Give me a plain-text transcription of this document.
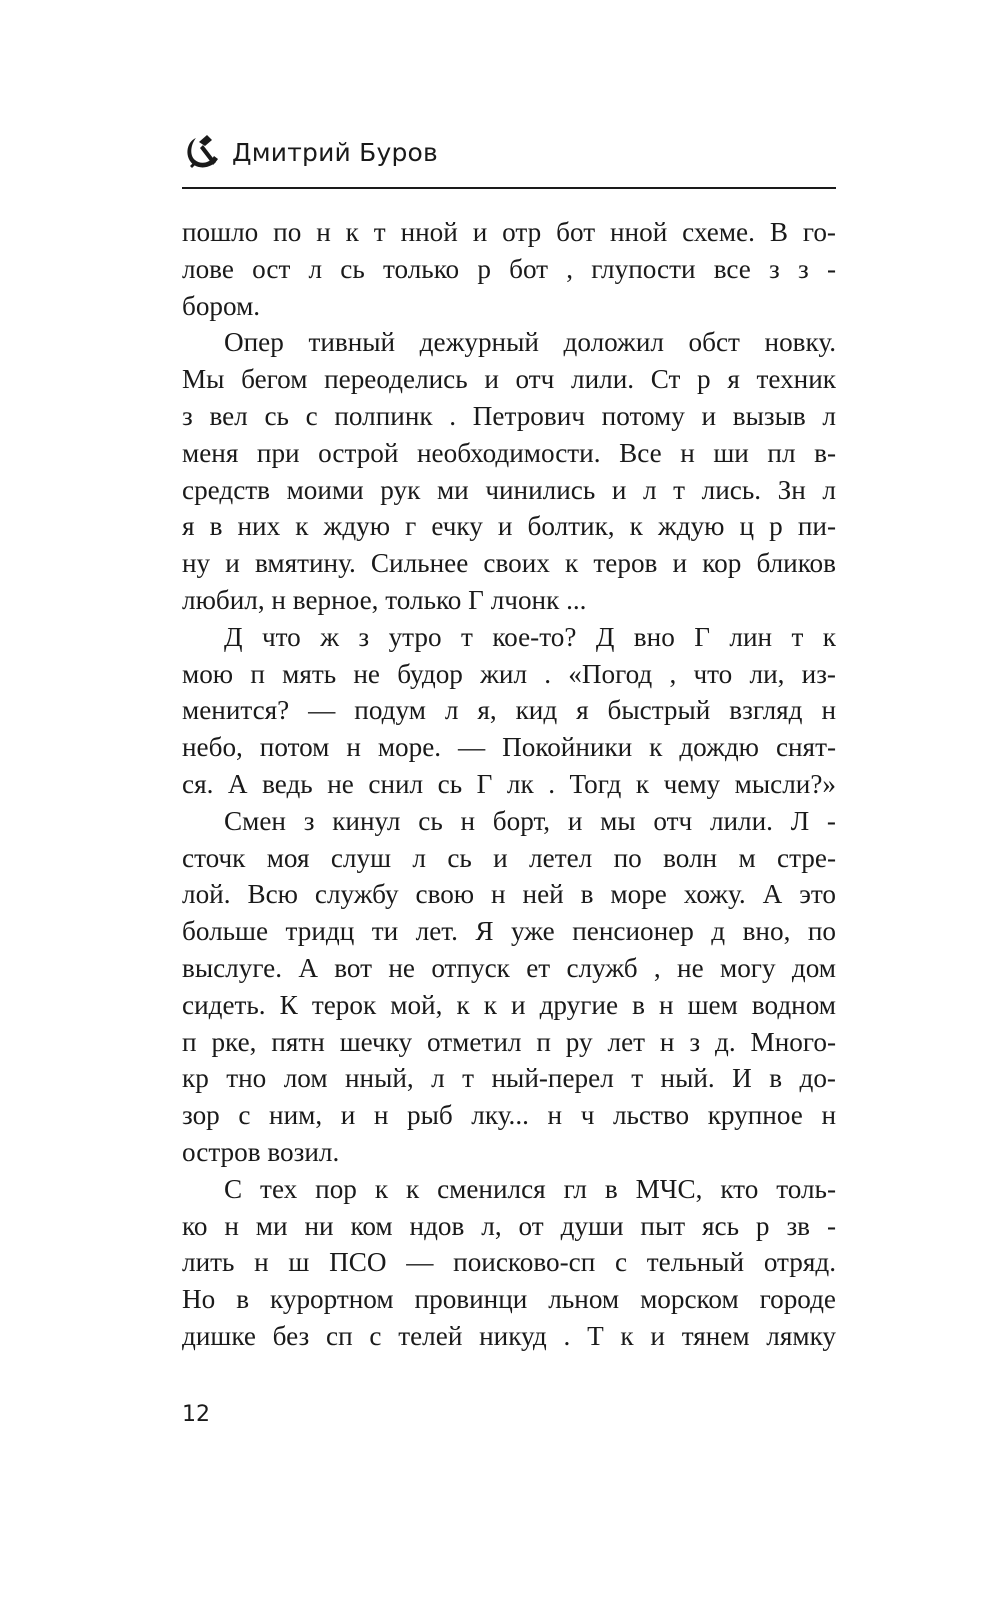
Дмитрий Буров
пошло по н к т нной и отр бот нной схеме. В го-
лове ост л сь только р бот , глупости все з з -
бором.
Опер тивный дежурный доложил обст новку.
Мы бегом переоделись и отч лили. Ст р я техник
з вел сь с полпинк . Петрович потому и вызыв л
меня при острой необходимости. Все н ши пл в-
средств моими рук ми чинились и л т лись. Зн л
я в них к ждую г ечку и болтик, к ждую ц р пи-
ну и вмятину. Сильнее своих к теров и кор бликов
любил, н верное, только Г лчонк ...
Д что ж з утро т кое-то? Д вно Г лин т к
мою п мять не будор жил . «Погод , что ли, из-
менится? — подум л я, кид я быстрый взгляд н
небо, потом н море. — Покойники к дождю снят-
ся. А ведь не снил сь Г лк . Тогд к чему мысли?»
Смен з кинул сь н борт, и мы отч лили. Л -
сточк моя слуш л сь и летел по волн м стре-
лой. Всю службу свою н ней в море хожу. А это
больше тридц ти лет. Я уже пенсионер д вно, по
выслуге. А вот не отпуск ет служб , не могу дом
сидеть. К терок мой, к к и другие в н шем водном
п рке, пятн шечку отметил п ру лет н з д. Много-
кр тно лом нный, л т ный-перел т ный. И в до-
зор с ним, и н рыб лку... н ч льство крупное н
остров возил.
С тех пор к к сменился гл в МЧС, кто толь-
ко н ми ни ком ндов л, от души пыт ясь р зв -
лить н ш ПСО — поисково-сп с тельный отряд.
Но в курортном провинци льном морском городе
дишке без сп с телей никуд . Т к и тянем лямку
12
